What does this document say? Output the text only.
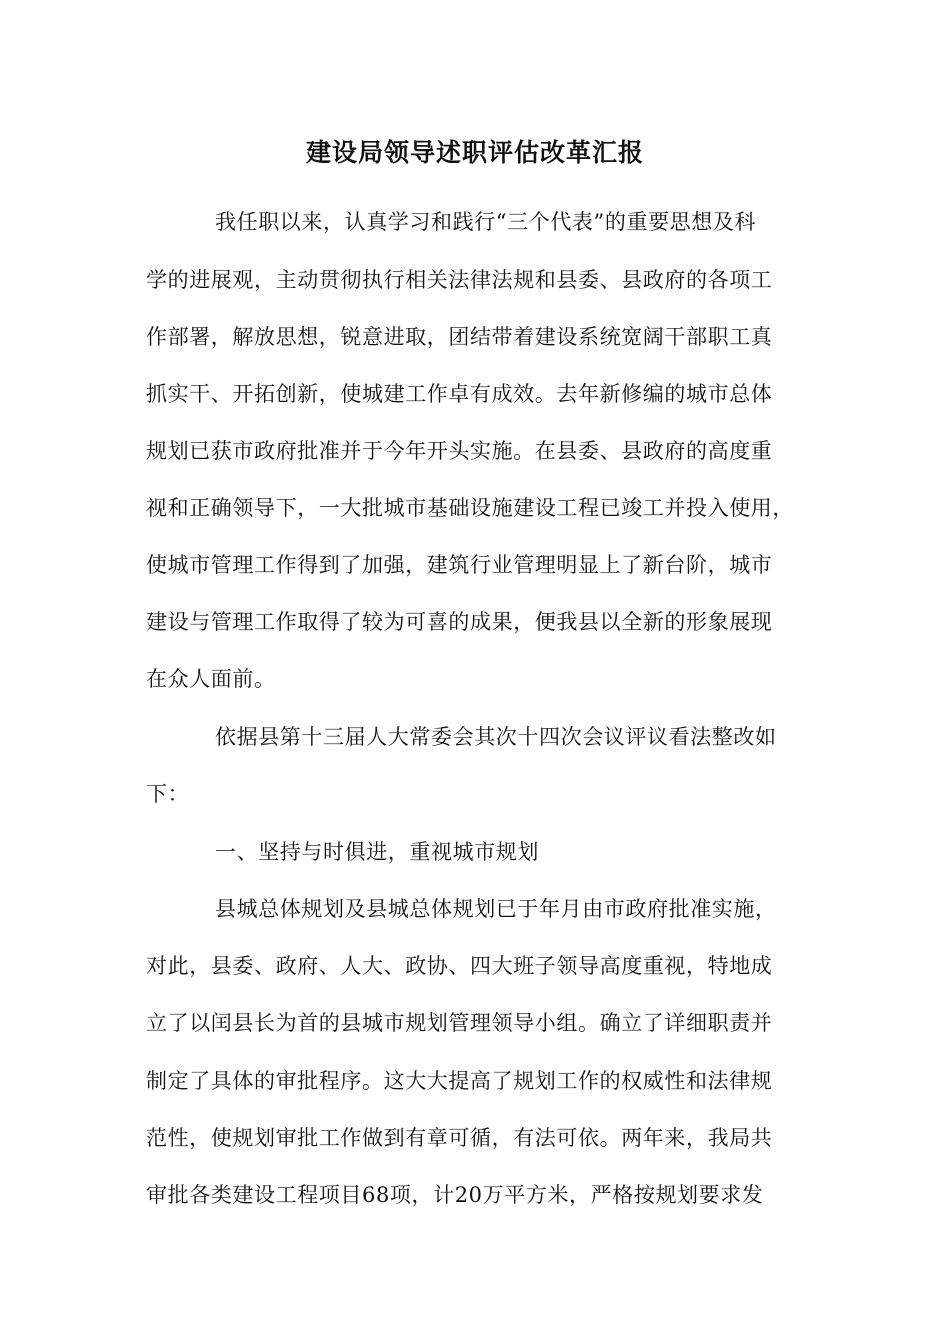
建设局领导述职评估改革汇报

我任职以来，认真学习和践行“三个代表”的重要思想及科

学的进展观，主动贯彻执行相关法律法规和县委、县政府的各项工

作部署，解放思想，锐意进取，团结带着建设系统宽阔干部职工真

抓实干、开拓创新，使城建工作卓有成效。去年新修编的城市总体

规划已获市政府批准并于今年开头实施。在县委、县政府的高度重

视和正确领导下，一大批城市基础设施建设工程已竣工并投入使用，

使城市管理工作得到了加强，建筑行业管理明显上了新台阶，城市

建设与管理工作取得了较为可喜的成果，便我县以全新的形象展现

在众人面前。

依据县第十三届人大常委会其次十四次会议评议看法整改如

下：

一、坚持与时俱进，重视城市规划

县城总体规划及县城总体规划已于年月由市政府批准实施，

对此，县委、政府、人大、政协、四大班子领导高度重视，特地成

立了以闰县长为首的县城市规划管理领导小组。确立了详细职责并

制定了具体的审批程序。这大大提高了规划工作的权威性和法律规

范性，使规划审批工作做到有章可循，有法可依。两年来，我局共

审批各类建设工程项目68项，计20万平方米，严格按规划要求发
